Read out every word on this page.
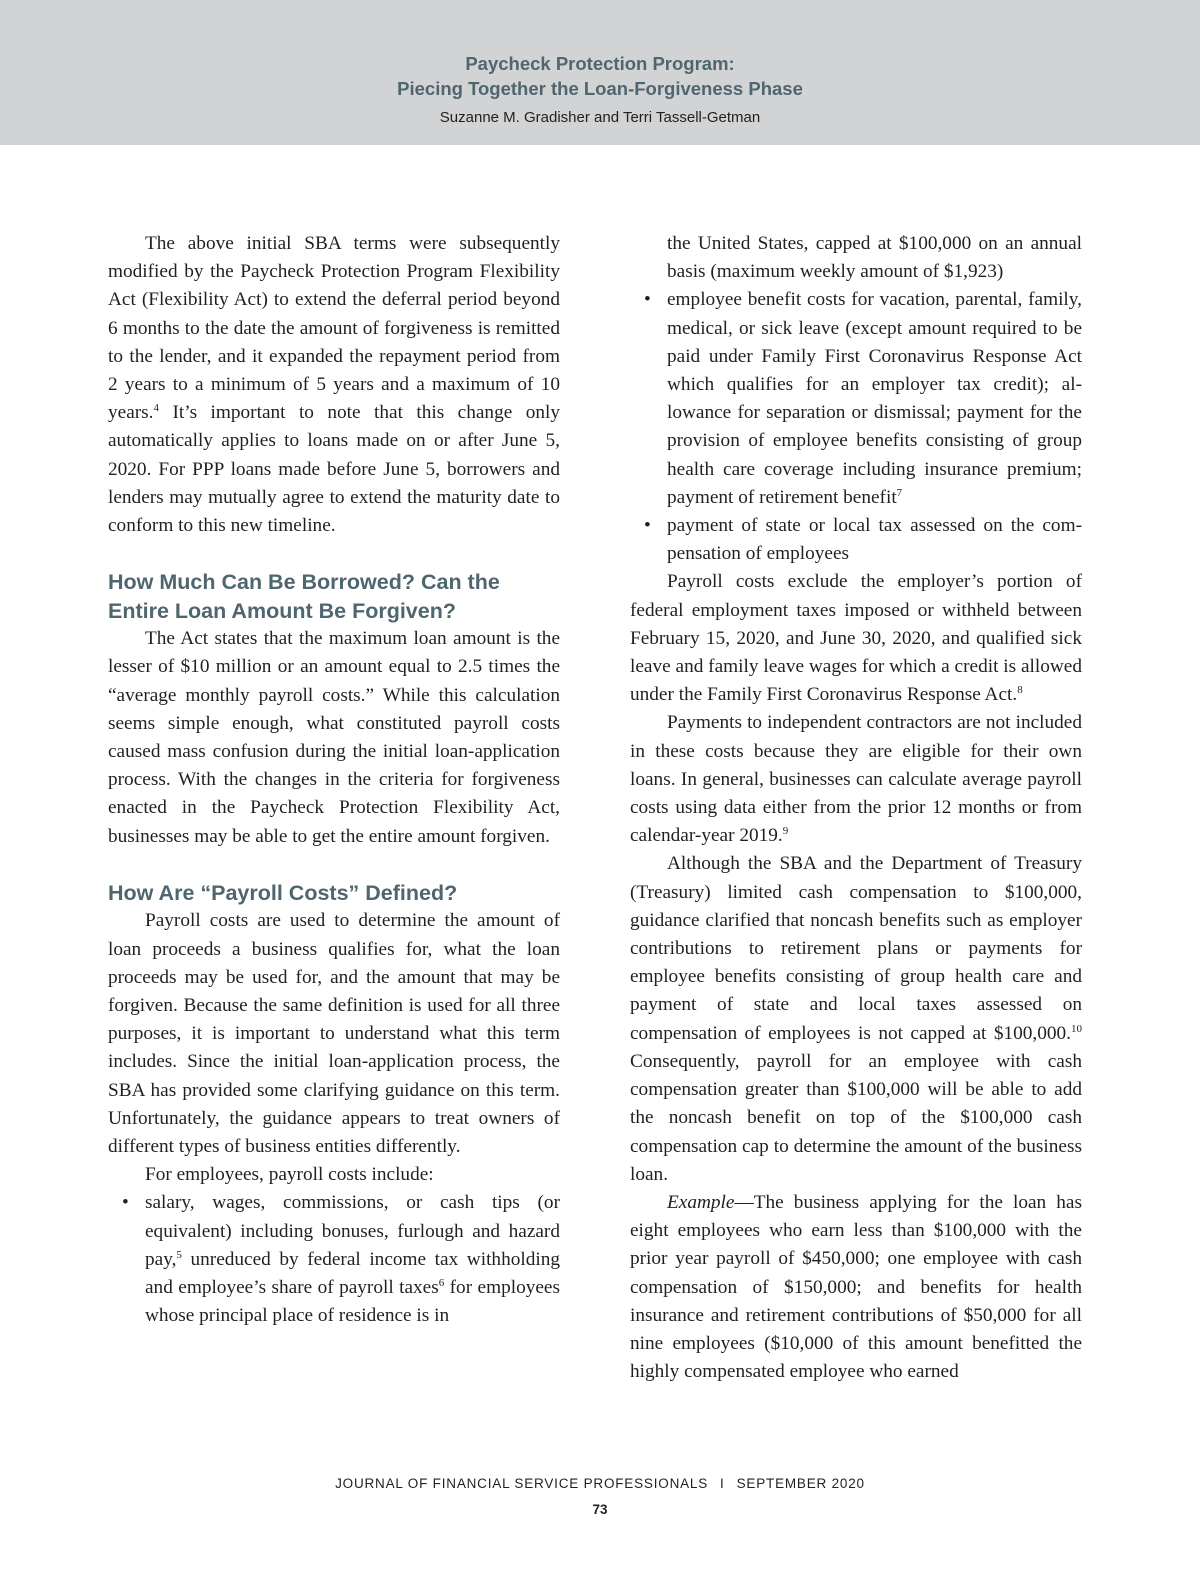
Paycheck Protection Program:
Piecing Together the Loan-Forgiveness Phase
Suzanne M. Gradisher and Terri Tassell-Getman

The above initial SBA terms were subsequently modified by the Paycheck Protection Program Flexibility Act (Flexibility Act) to extend the deferral period beyond 6 months to the date the amount of forgiveness is remitted to the lender, and it expanded the repayment period from 2 years to a minimum of 5 years and a maximum of 10 years.$^4$ It’s important to note that this change only automatically applies to loans made on or after June 5, 2020. For PPP loans made before June 5, borrowers and lenders may mutually agree to extend the maturity date to conform to this new timeline.

How Much Can Be Borrowed? Can the Entire Loan Amount Be Forgiven?

The Act states that the maximum loan amount is the lesser of $10 million or an amount equal to 2.5 times the “average monthly payroll costs.” While this calculation seems simple enough, what constituted payroll costs caused mass confusion during the initial loan-application process. With the changes in the criteria for forgiveness enacted in the Paycheck Protection Flexibility Act, businesses may be able to get the entire amount forgiven.

How Are “Payroll Costs” Defined?

Payroll costs are used to determine the amount of loan proceeds a business qualifies for, what the loan proceeds may be used for, and the amount that may be forgiven. Because the same definition is used for all three purposes, it is important to understand what this term includes. Since the initial loan-application process, the SBA has provided some clarifying guidance on this term. Unfortunately, the guidance appears to treat owners of different types of business entities differently.

For employees, payroll costs include:

• salary, wages, commissions, or cash tips (or equivalent) including bonuses, furlough and hazard pay,$^5$ unreduced by federal income tax withholding and employee’s share of payroll taxes$^6$ for employees whose principal place of residence is in

the United States, capped at $100,000 on an annual basis (maximum weekly amount of $1,923)

• employee benefit costs for vacation, parental, family, medical, or sick leave (except amount required to be paid under Family First Coronavirus Response Act which qualifies for an employer tax credit); allowance for separation or dismissal; payment for the provision of employee benefits consisting of group health care coverage including insurance premium; payment of retirement benefit$^7$
• payment of state or local tax assessed on the compensation of employees

Payroll costs exclude the employer’s portion of federal employment taxes imposed or withheld between February 15, 2020, and June 30, 2020, and qualified sick leave and family leave wages for which a credit is allowed under the Family First Coronavirus Response Act.$^8$

Payments to independent contractors are not included in these costs because they are eligible for their own loans. In general, businesses can calculate average payroll costs using data either from the prior 12 months or from calendar-year 2019.$^9$

Although the SBA and the Department of Treasury (Treasury) limited cash compensation to $100,000, guidance clarified that noncash benefits such as employer contributions to retirement plans or payments for employee benefits consisting of group health care and payment of state and local taxes assessed on compensation of employees is not capped at $100,000.10 Consequently, payroll for an employee with cash compensation greater than $100,000 will be able to add the noncash benefit on top of the $100,000 cash compensation cap to determine the amount of the business loan.

Example—The business applying for the loan has eight employees who earn less than $100,000 with the prior year payroll of $450,000; one employee with cash compensation of $150,000; and benefits for health insurance and retirement contributions of $50,000 for all nine employees ($10,000 of this amount benefitted the highly compensated employee who earned

JOURNAL OF FINANCIAL SERVICE PROFESSIONALS I SEPTEMBER 2020
73
